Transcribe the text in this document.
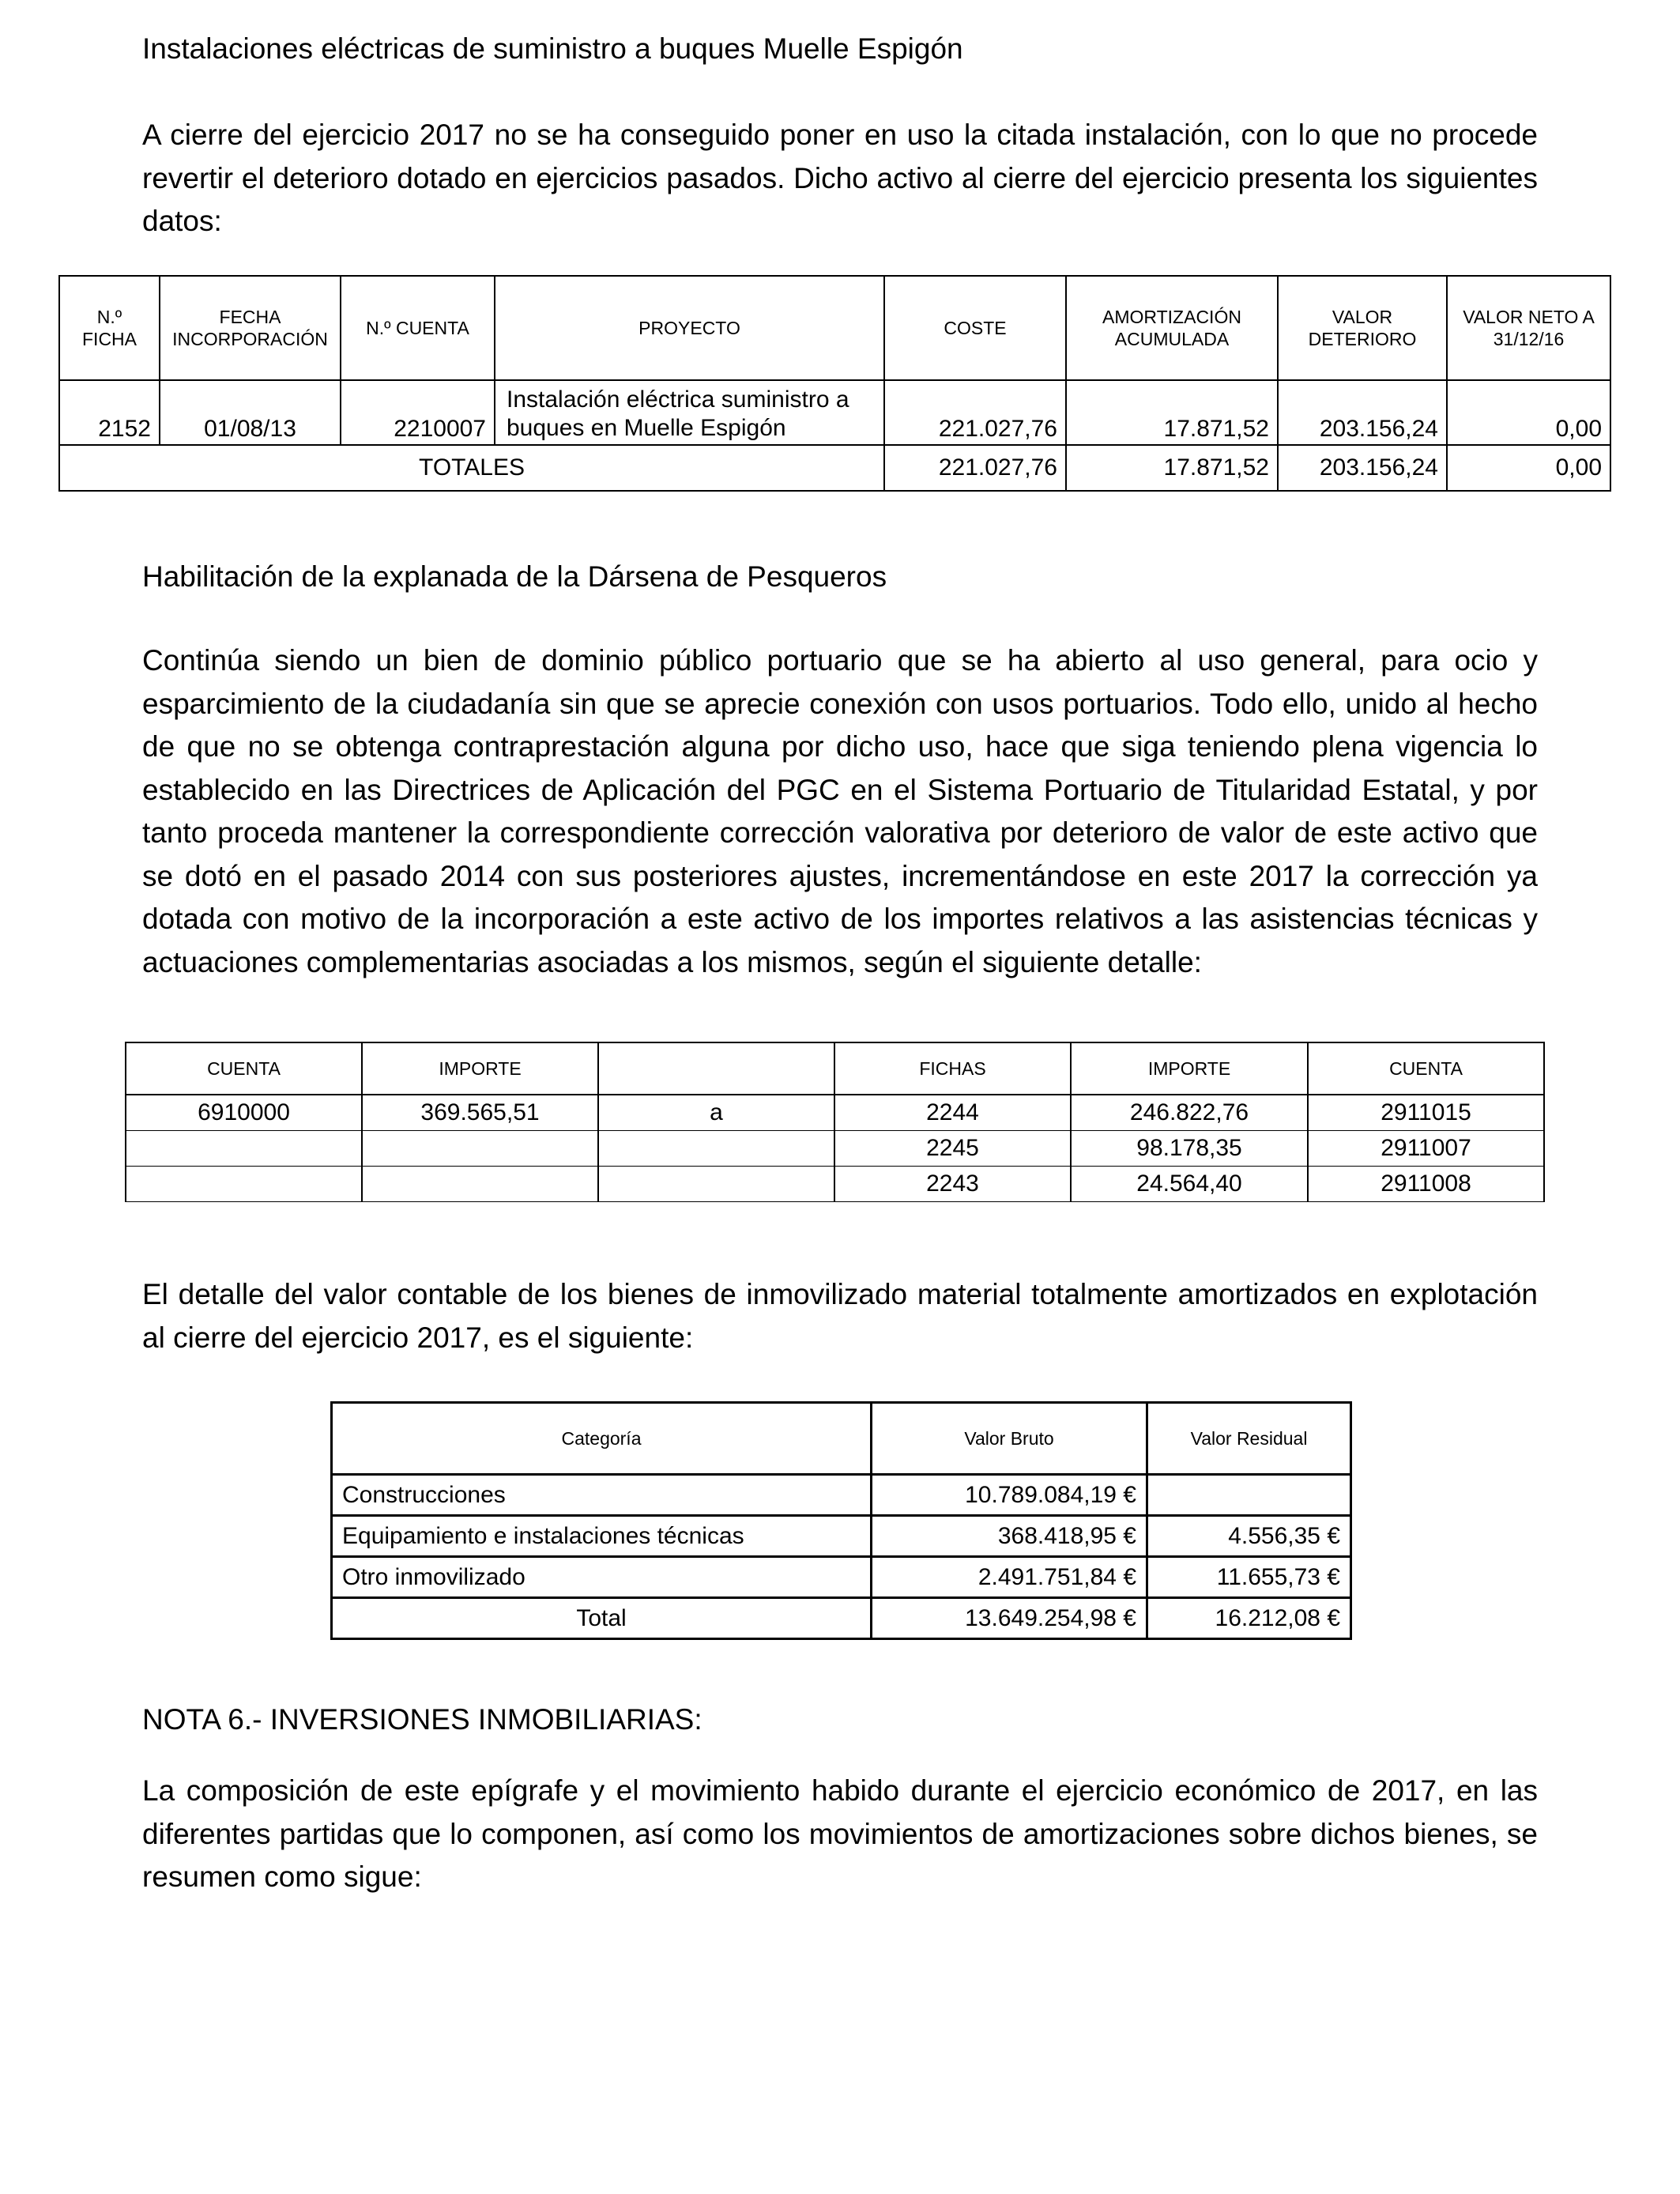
Instalaciones eléctricas de suministro a buques Muelle Espigón
A cierre del ejercicio 2017 no se ha conseguido poner en uso la citada instalación, con lo que no procede revertir el deterioro dotado en ejercicios pasados. Dicho activo al cierre del ejercicio presenta los siguientes datos:
N.º FICHA	FECHA INCORPORACIÓN	N.º CUENTA	PROYECTO	COSTE	AMORTIZACIÓN ACUMULADA	VALOR DETERIORO	VALOR NETO A 31/12/16
2152	01/08/13	2210007	Instalación eléctrica suministro a buques en Muelle Espigón	221.027,76	17.871,52	203.156,24	0,00
TOTALES				221.027,76	17.871,52	203.156,24	0,00
Habilitación de la explanada de la Dársena de Pesqueros
Continúa siendo un bien de dominio público portuario que se ha abierto al uso general, para ocio y esparcimiento de la ciudadanía sin que se aprecie conexión con usos portuarios. Todo ello, unido al hecho de que no se obtenga contraprestación alguna por dicho uso, hace que siga teniendo plena vigencia lo establecido en las Directrices de Aplicación del PGC en el Sistema Portuario de Titularidad Estatal, y por tanto proceda mantener la correspondiente corrección valorativa por deterioro de valor de este activo que se dotó en el pasado 2014 con sus posteriores ajustes, incrementándose en este 2017 la corrección ya dotada con motivo de la incorporación a este activo de los importes relativos a las asistencias técnicas y actuaciones complementarias asociadas a los mismos, según el siguiente detalle:
CUENTA	IMPORTE		FICHAS	IMPORTE	CUENTA
6910000	369.565,51	a	2244	246.822,76	2911015
			2245	98.178,35	2911007
			2243	24.564,40	2911008
El detalle del valor contable de los bienes de inmovilizado material totalmente amortizados en explotación al cierre del ejercicio 2017, es el siguiente:
Categoría	Valor Bruto	Valor Residual
Construcciones	10.789.084,19 €	
Equipamiento e instalaciones técnicas	368.418,95 €	4.556,35 €
Otro inmovilizado	2.491.751,84 €	11.655,73 €
Total	13.649.254,98 €	16.212,08 €
NOTA 6.- INVERSIONES INMOBILIARIAS:
La composición de este epígrafe y el movimiento habido durante el ejercicio económico de 2017, en las diferentes partidas que lo componen, así como los movimientos de amortizaciones sobre dichos bienes, se resumen como sigue:
